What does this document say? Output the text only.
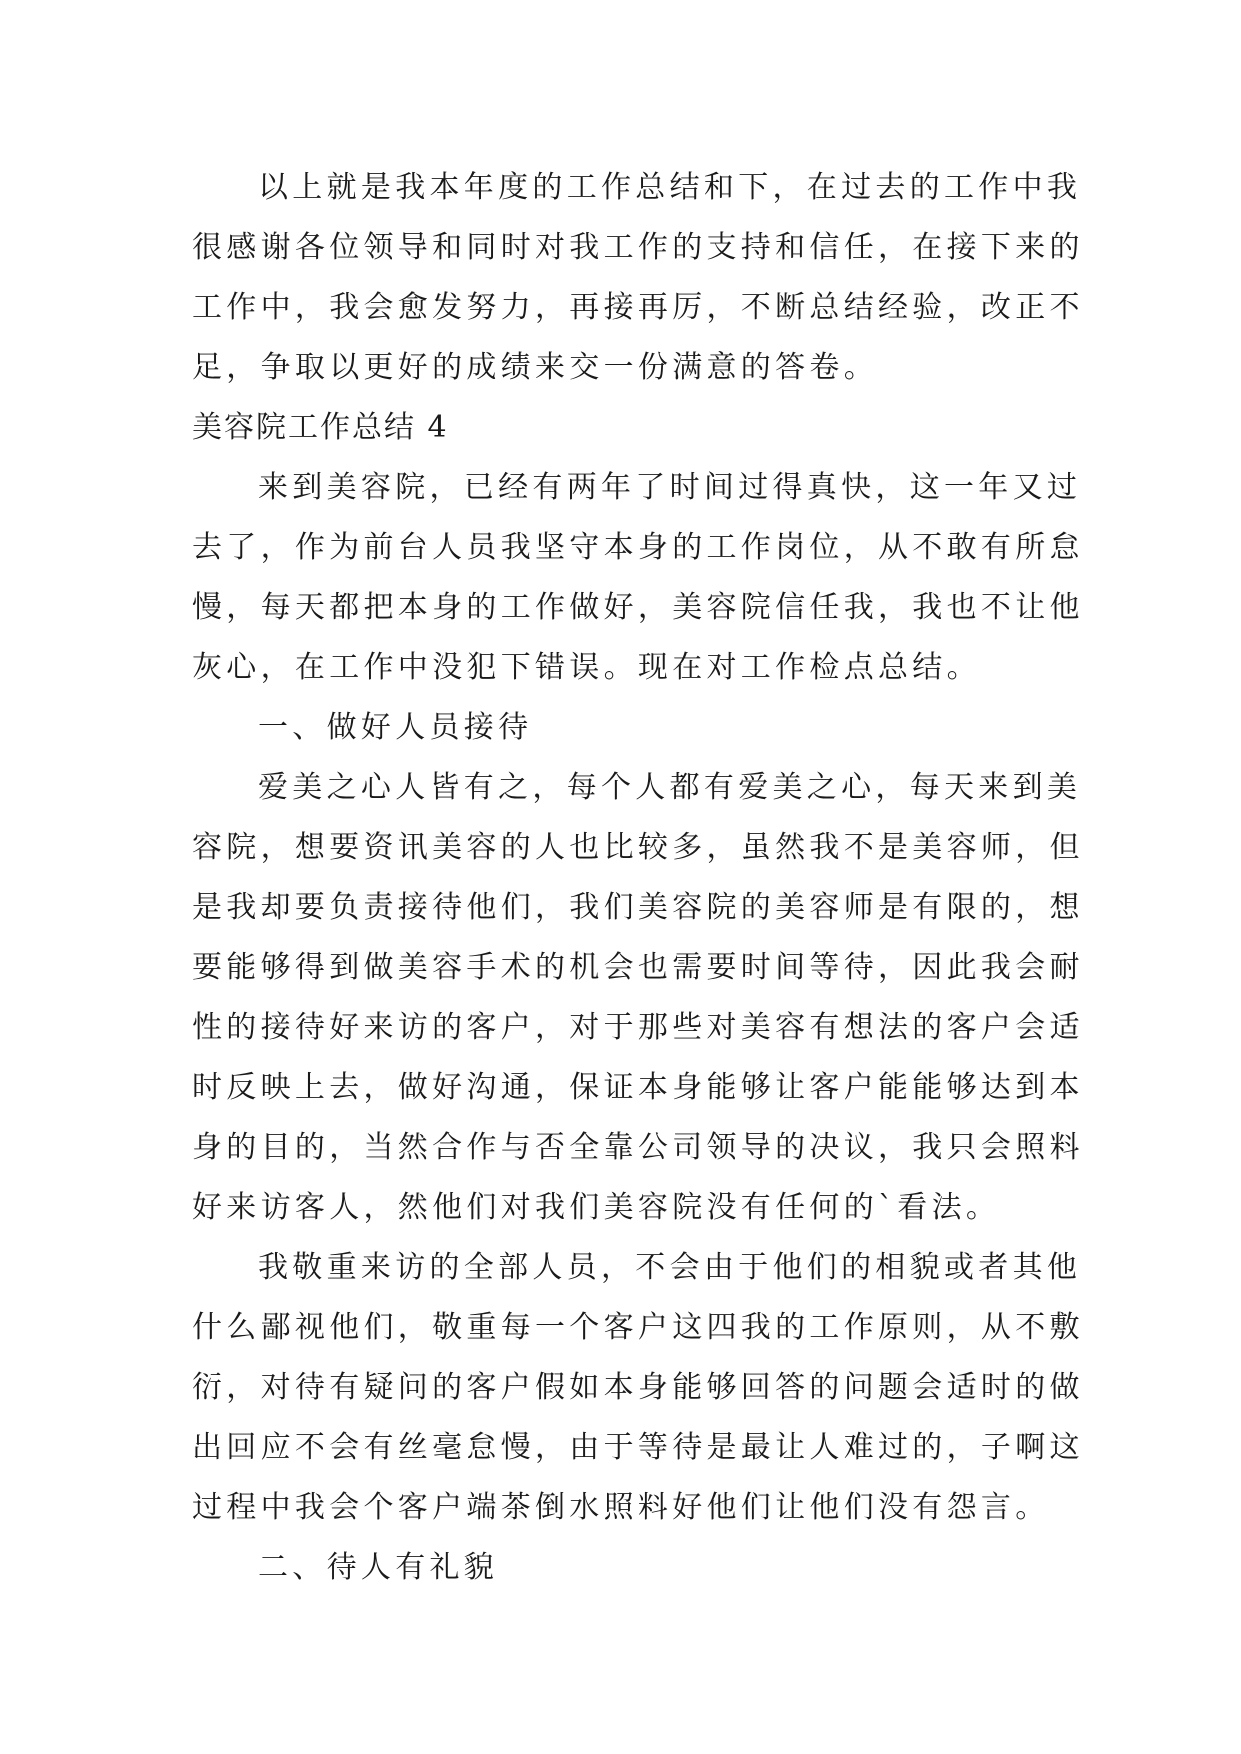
以上就是我本年度的工作总结和下，在过去的工作中我
很感谢各位领导和同时对我工作的支持和信任，在接下来的
工作中，我会愈发努力，再接再厉，不断总结经验，改正不
足，争取以更好的成绩来交一份满意的答卷。

美容院工作总结 4

来到美容院，已经有两年了时间过得真快，这一年又过
去了，作为前台人员我坚守本身的工作岗位，从不敢有所怠
慢，每天都把本身的工作做好，美容院信任我，我也不让他
灰心，在工作中没犯下错误。现在对工作检点总结。

一、做好人员接待

爱美之心人皆有之，每个人都有爱美之心，每天来到美
容院，想要资讯美容的人也比较多，虽然我不是美容师，但
是我却要负责接待他们，我们美容院的美容师是有限的，想
要能够得到做美容手术的机会也需要时间等待，因此我会耐
性的接待好来访的客户，对于那些对美容有想法的客户会适
时反映上去，做好沟通，保证本身能够让客户能能够达到本
身的目的，当然合作与否全靠公司领导的决议，我只会照料
好来访客人，然他们对我们美容院没有任何的`看法。

我敬重来访的全部人员，不会由于他们的相貌或者其他
什么鄙视他们，敬重每一个客户这四我的工作原则，从不敷
衍，对待有疑问的客户假如本身能够回答的问题会适时的做
出回应不会有丝毫怠慢，由于等待是最让人难过的，子啊这
过程中我会个客户端茶倒水照料好他们让他们没有怨言。

二、待人有礼貌
